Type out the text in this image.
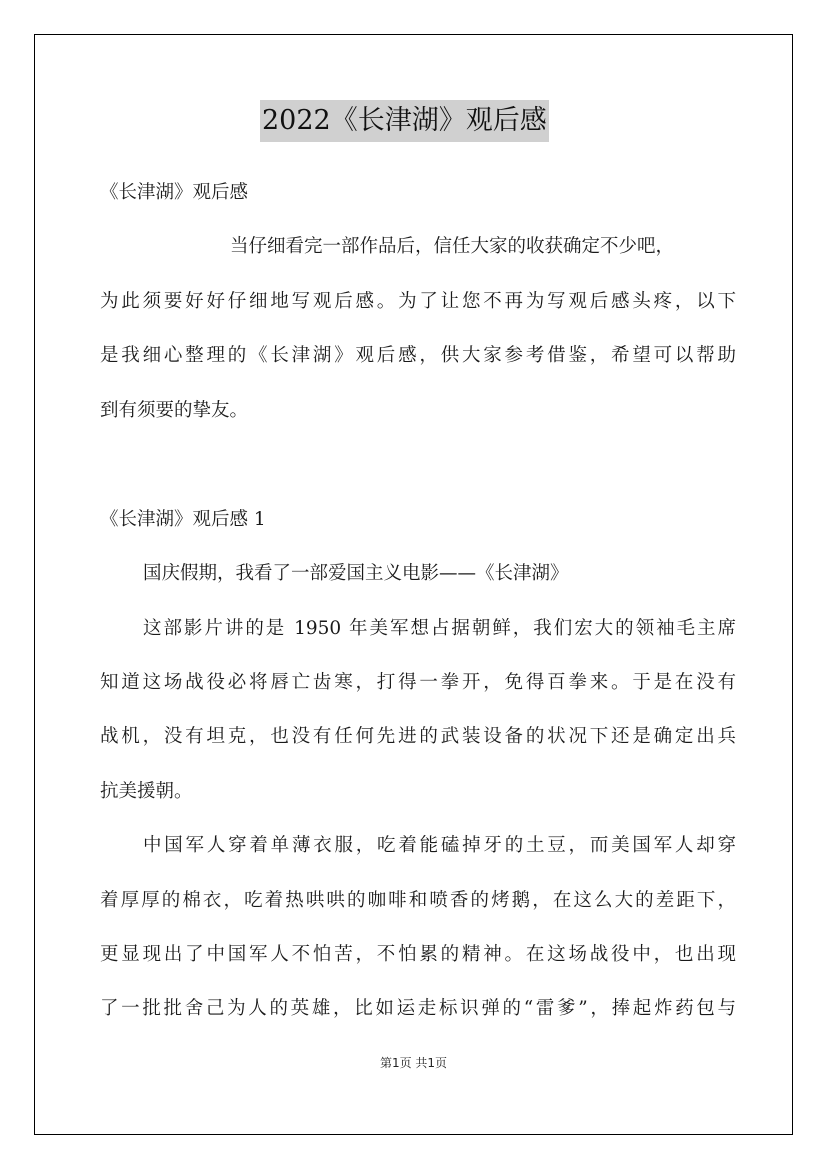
2022《长津湖》观后感
《长津湖》观后感
当仔细看完一部作品后，信任大家的收获确定不少吧，
为此须要好好仔细地写观后感。为了让您不再为写观后感头疼，以下
是我细心整理的《长津湖》观后感，供大家参考借鉴，希望可以帮助
到有须要的挚友。
《长津湖》观后感 1
国庆假期，我看了一部爱国主义电影——《长津湖》
这部影片讲的是 1950 年美军想占据朝鲜，我们宏大的领袖毛主席
知道这场战役必将唇亡齿寒，打得一拳开，免得百拳来。于是在没有
战机，没有坦克，也没有任何先进的武装设备的状况下还是确定出兵
抗美援朝。
中国军人穿着单薄衣服，吃着能磕掉牙的土豆，而美国军人却穿
着厚厚的棉衣，吃着热哄哄的咖啡和喷香的烤鹅，在这么大的差距下，
更显现出了中国军人不怕苦，不怕累的精神。在这场战役中，也出现
了一批批舍己为人的英雄，比如运走标识弹的“雷爹”，捧起炸药包与
第1页 共1页
